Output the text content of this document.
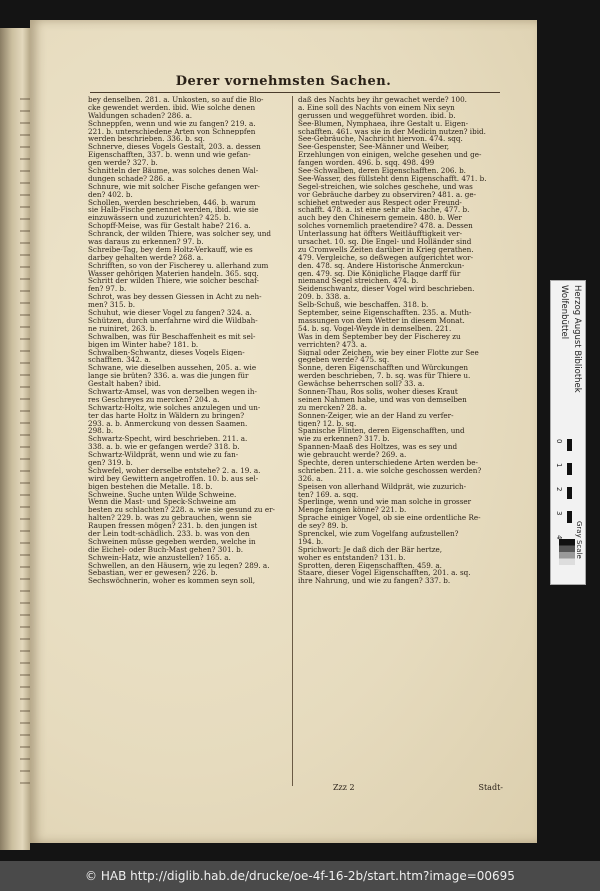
Derer vornehmsten Sachen.
bey denselben. 281. a. Unkosten, so auf die Blo-
cke gewendet werden. ibid. Wie solche denen
Waldungen schaden? 286. a.
Schneppfen, wenn und wie zu fangen? 219. a.
221. b. unterschiedene Arten von Schneppfen
werden beschrieben. 336. b. sq.
Schnerve, dieses Vogels Gestalt, 203. a. dessen
Eigenschafften, 337. b. wenn und wie gefan-
gen werde? 327. b.
Schnitteln der Bäume, was solches denen Wal-
dungen schade? 286. a.
Schnure, wie mit solcher Fische gefangen wer-
den? 402. b.
Schollen, werden beschrieben, 446. b. warum
sie Halb-Fische genennet werden, ibid. wie sie
einzuwässern und zuzurichten? 425. b.
Schopff-Meise, was für Gestalt habe? 216. a.
Schranck, der wilden Thiere, was solcher sey, und
was daraus zu erkennen? 97. b.
Schreibe-Tag, bey dem Holtz-Verkauff, wie es
darbey gehalten werde? 268. a.
Schrifften, so von der Fischerey u. allerhand zum
Wasser gehörigen Materien handeln. 365. sqq.
Schritt der wilden Thiere, wie solcher beschaf-
fen? 97. b.
Schrot, was bey dessen Giessen in Acht zu neh-
men? 315. b.
Schuhut, wie dieser Vogel zu fangen? 324. a.
Schützen, durch unerfahrne wird die Wildbah-
ne ruiniret, 263. b.
Schwalben, was für Beschaffenheit es mit sel-
bigen im Winter habe? 181. b.
Schwalben-Schwantz, dieses Vogels Eigen-
schafften. 342. a.
Schwane, wie dieselben aussehen, 205. a. wie
lange sie brüten? 336. a. was die jungen für
Gestalt haben? ibid.
Schwartz-Amsel, was von derselben wegen ih-
res Geschreyes zu mercken? 204. a.
Schwartz-Holtz, wie solches anzulegen und un-
ter das harte Holtz in Wäldern zu bringen?
293. a. b. Anmerckung von dessen Saamen.
298. b.
Schwartz-Specht, wird beschrieben. 211. a.
338. a. b. wie er gefangen werde? 318. b.
Schwartz-Wildprät, wenn und wie zu fan-
gen? 319. b.
Schwefel, woher derselbe entstehe? 2. a. 19. a.
wird bey Gewittern angetroffen. 10. b. aus sel-
bigen bestehen die Metalle. 18. b.
Schweine. Suche unten Wilde Schweine.
Wenn die Mast- und Speck-Schweine am
besten zu schlachten? 228. a. wie sie gesund zu er-
halten? 229. b. was zu gebrauchen, wenn sie
Raupen fressen mögen? 231. b. den jungen ist
der Lein todt-schädlich. 233. b. was von den
Schweinen müsse gegeben werden, welche in
die Eichel- oder Buch-Mast gehen? 301. b.
Schwein-Hatz, wie anzustellen? 165. a.
Schwellen, an den Häusern, wie zu legen? 289. a.
Sebastian, wer er gewesen? 226. b.
Sechswöchnerin, woher es kommen seyn soll,
daß des Nachts bey ihr gewachet werde? 100.
a. Eine soll des Nachts von einem Nix seyn
gerussen und weggeführet worden. ibid. b.
See-Blumen, Nymphaea, ihre Gestalt u. Eigen-
schafften. 461. was sie in der Medicin nutzen? ibid.
See-Gebräuche, Nachricht hiervon. 474. sqq.
See-Gespenster, See-Männer und Weiber,
Erzehlungen von einigen, welche gesehen und ge-
fangen worden. 496. b. sqq. 498. 499
See-Schwalben, deren Eigenschafften. 206. b.
See-Wasser, des füllsteht denn Eigenschafft. 471. b.
Segel-streichen, wie solches geschehe, und was
vor Gebräuche darbey zu observiren? 481. a. ge-
schiehet entweder aus Respect oder Freund-
schafft. 478. a. ist eine sehr alte Sache, 477. b.
auch bey den Chinesern gemein. 480. b. Wer
solches vornemlich praetendire? 478. a. Dessen
Unterlassung hat öffters Weitläufftigkeit ver-
ursachet. 10. sq. Die Engel- und Holländer sind
zu Cromwells Zeiten darüber in Krieg gerathen.
479. Vergleiche, so deßwegen aufgerichtet wor-
den. 478. sq. Andere Historische Anmerckun-
gen. 479. sq. Die Königliche Flagge darff für
niemand Segel streichen. 474. b.
Seidenschwantz, dieser Vogel wird beschrieben.
209. b. 338. a.
Selb-Schuß, wie beschaffen. 318. b.
September, seine Eigenschafften. 235. a. Muth-
massungen von dem Wetter in diesem Monat.
54. b. sq. Vogel-Weyde in demselben. 221.
Was in dem September bey der Fischerey zu
verrichten? 473. a.
Signal oder Zeichen, wie bey einer Flotte zur See
gegeben werde? 475. sq.
Sonne, deren Eigenschafften und Würckungen
werden beschrieben, 7. b. sq. was für Thiere u.
Gewächse beherrschen soll? 33. a.
Sonnen-Thau, Ros solis, woher dieses Kraut
seinen Nahmen habe, und was von demselben
zu mercken? 28. a.
Sonnen-Zeiger, wie an der Hand zu verfer-
tigen? 12. b. sq.
Spanische Flinten, deren Eigenschafften, und
wie zu erkennen? 317. b.
Spannen-Maaß des Holtzes, was es sey und
wie gebraucht werde? 269. a.
Spechte, deren unterschiedene Arten werden be-
schrieben. 211. a. wie solche geschossen werden?
326. a.
Speisen von allerhand Wildprät, wie zuzurich-
ten? 169. a. sqq.
Sperlinge, wenn und wie man solche in grosser
Menge fangen könne? 221. b.
Sprache einiger Vogel, ob sie eine ordentliche Re-
de sey? 89. b.
Sprenckel, wie zum Vogelfang aufzustellen?
194. b.
Sprichwort: Je daß dich der Bär hertze,
woher es entstanden? 131. b.
Sprotten, deren Eigenschafften. 459. a.
Staare, dieser Vogel Eigenschafften, 201. a. sq.
ihre Nahrung, und wie zu fangen? 337. b.
Zzz 2	Stadt-
Herzog August Bibliothek Wolfenbüttel
0
1
2
3
4 Gray Scale
© HAB http://diglib.hab.de/drucke/oe-4f-16-2b/start.htm?image=00695
